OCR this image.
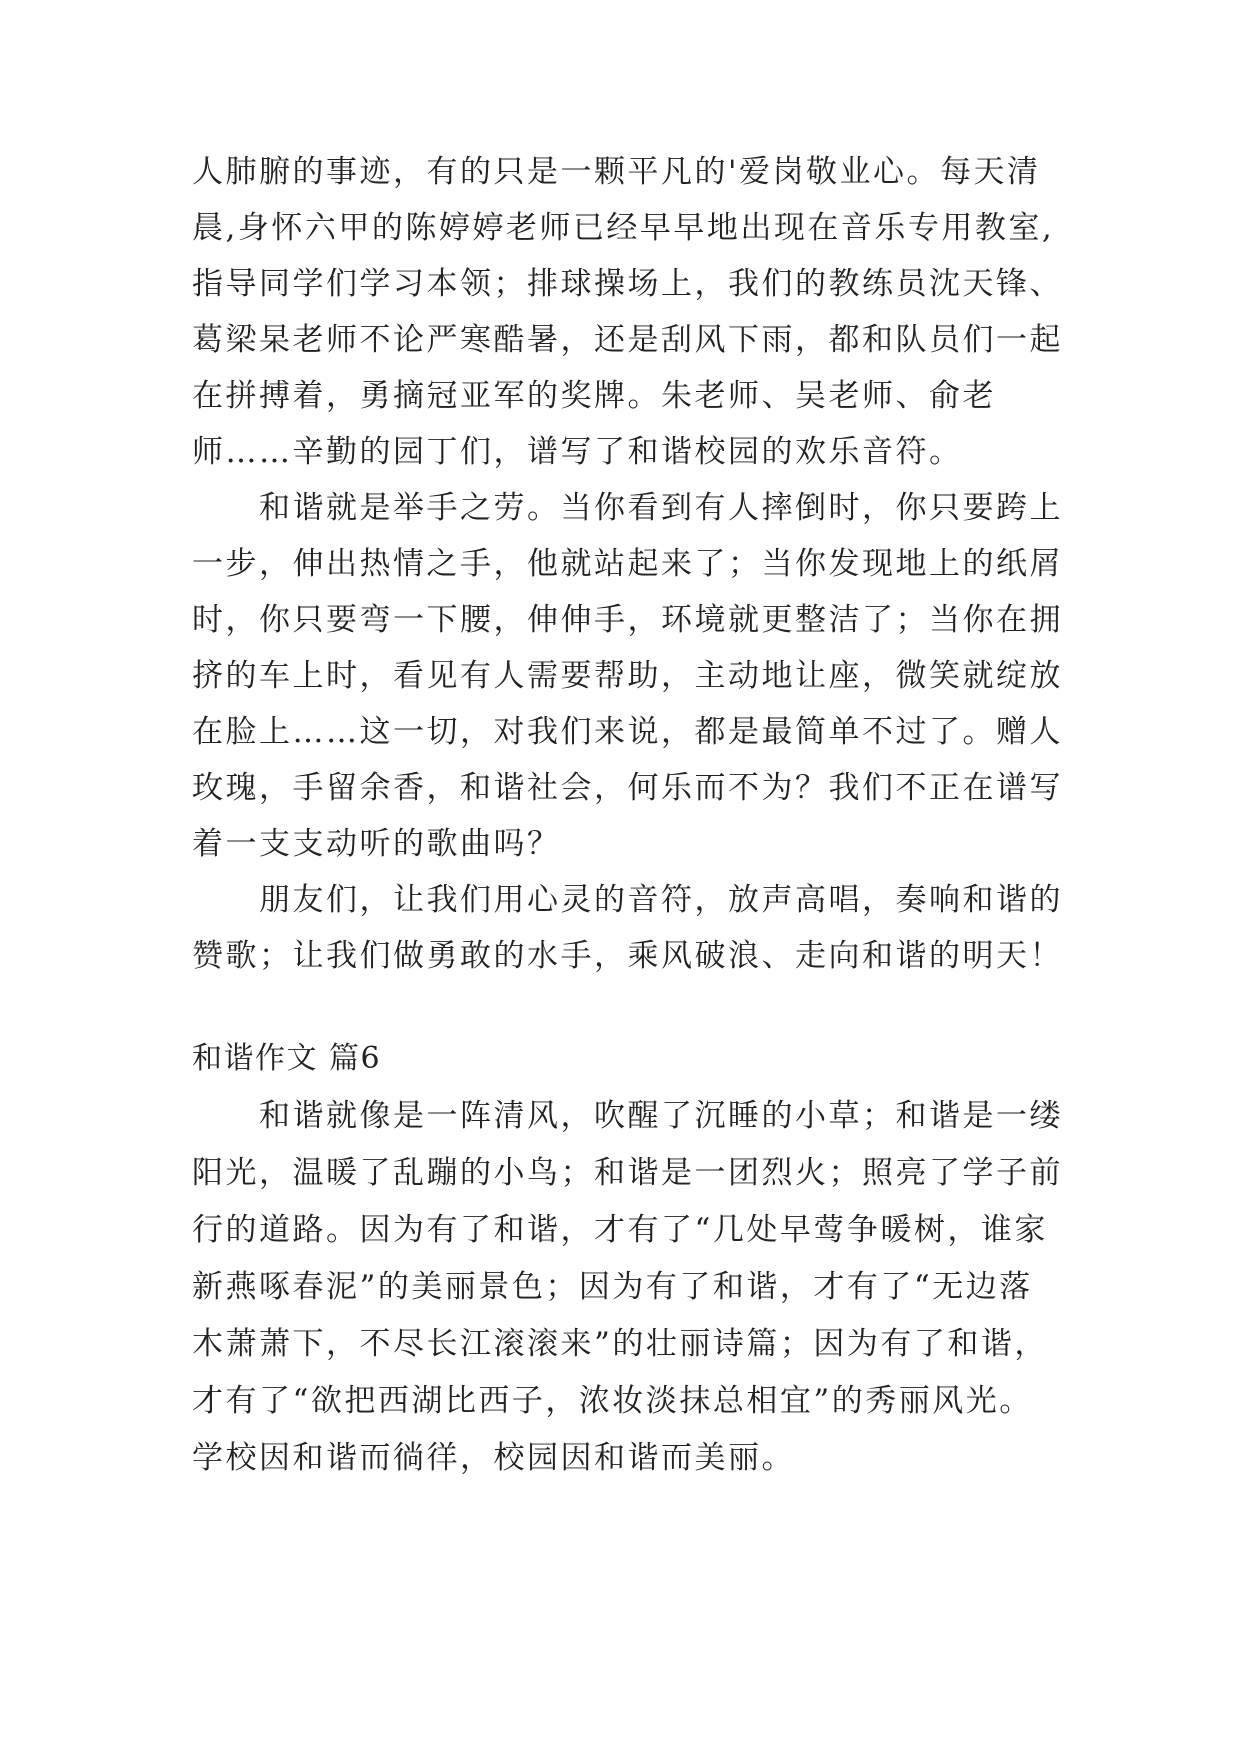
人肺腑的事迹，有的只是一颗平凡的'爱岗敬业心。每天清
晨,身怀六甲的陈婷婷老师已经早早地出现在音乐专用教室,
指导同学们学习本领；排球操场上，我们的教练员沈天锋、
葛梁杲老师不论严寒酷暑，还是刮风下雨，都和队员们一起
在拼搏着，勇摘冠亚军的奖牌。朱老师、吴老师、俞老
师……辛勤的园丁们，谱写了和谐校园的欢乐音符。
　　和谐就是举手之劳。当你看到有人摔倒时，你只要跨上
一步，伸出热情之手，他就站起来了；当你发现地上的纸屑
时，你只要弯一下腰，伸伸手，环境就更整洁了；当你在拥
挤的车上时，看见有人需要帮助，主动地让座，微笑就绽放
在脸上……这一切，对我们来说，都是最简单不过了。赠人
玫瑰，手留余香，和谐社会，何乐而不为？我们不正在谱写
着一支支动听的歌曲吗？
　　朋友们，让我们用心灵的音符，放声高唱，奏响和谐的
赞歌；让我们做勇敢的水手，乘风破浪、走向和谐的明天！
和谐作文 篇6
　　和谐就像是一阵清风，吹醒了沉睡的小草；和谐是一缕
阳光，温暖了乱蹦的小鸟；和谐是一团烈火；照亮了学子前
行的道路。因为有了和谐，才有了“几处早莺争暖树，谁家
新燕啄春泥”的美丽景色；因为有了和谐，才有了“无边落
木萧萧下，不尽长江滚滚来”的壮丽诗篇；因为有了和谐，
才有了“欲把西湖比西子，浓妆淡抹总相宜”的秀丽风光。
学校因和谐而徜徉，校园因和谐而美丽。
